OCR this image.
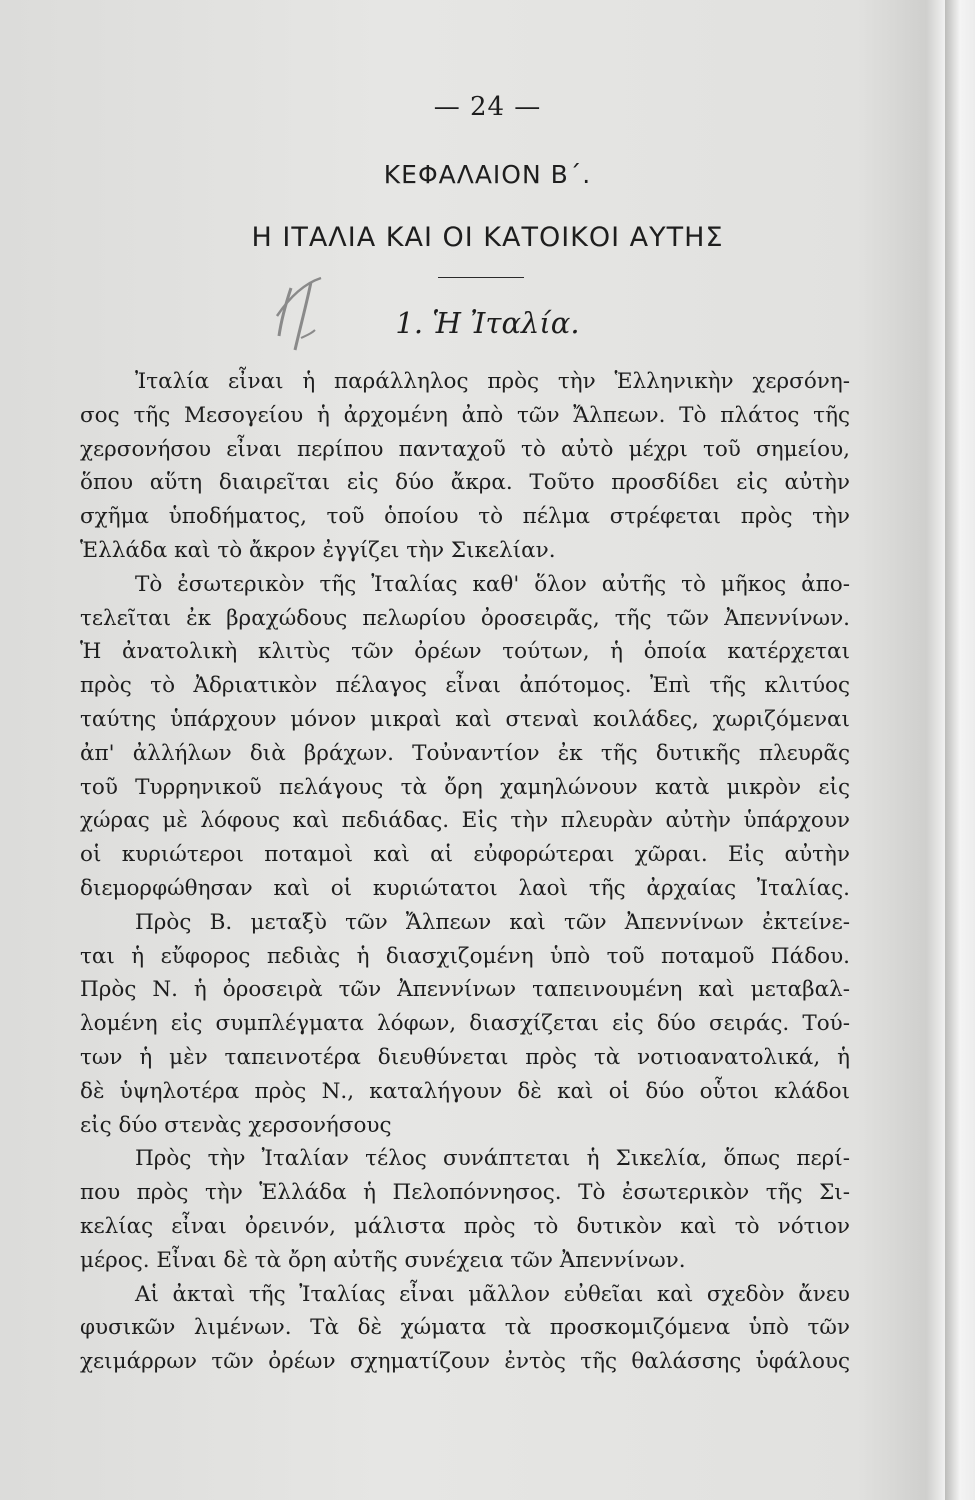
— 24 —
ΚΕΦΑΛΑΙΟΝ Β΄.
Η ΙΤΑΛΙΑ ΚΑΙ ΟΙ ΚΑΤΟΙΚΟΙ ΑΥΤΗΣ
1. Ἡ Ἰταλία.
Ἰταλία εἶναι ἡ παράλληλος πρὸς τὴν Ἑλληνικὴν χερσόνη-
σος τῆς Μεσογείου ἡ ἀρχομένη ἀπὸ τῶν Ἄλπεων. Τὸ πλάτος τῆς
χερσονήσου εἶναι περίπου πανταχοῦ τὸ αὐτὸ μέχρι τοῦ σημείου,
ὅπου αὕτη διαιρεῖται εἰς δύο ἄκρα. Τοῦτο προσδίδει εἰς αὐτὴν
σχῆμα ὑποδήματος, τοῦ ὁποίου τὸ πέλμα στρέφεται πρὸς τὴν
Ἑλλάδα καὶ τὸ ἄκρον ἐγγίζει τὴν Σικελίαν.
Τὸ ἐσωτερικὸν τῆς Ἰταλίας καθ' ὅλον αὐτῆς τὸ μῆκος ἀπο-
τελεῖται ἐκ βραχώδους πελωρίου ὀροσειρᾶς, τῆς τῶν Ἀπεννίνων.
Ἡ ἀνατολικὴ κλιτὺς τῶν ὀρέων τούτων, ἡ ὁποία κατέρχεται
πρὸς τὸ Ἀδριατικὸν πέλαγος εἶναι ἀπότομος. Ἐπὶ τῆς κλιτύος
ταύτης ὑπάρχουν μόνον μικραὶ καὶ στεναὶ κοιλάδες, χωριζόμεναι
ἀπ' ἀλλήλων διὰ βράχων. Τοὐναντίον ἐκ τῆς δυτικῆς πλευρᾶς
τοῦ Τυρρηνικοῦ πελάγους τὰ ὄρη χαμηλώνουν κατὰ μικρὸν εἰς
χώρας μὲ λόφους καὶ πεδιάδας. Εἰς τὴν πλευρὰν αὐτὴν ὑπάρχουν
οἱ κυριώτεροι ποταμοὶ καὶ αἱ εὐφορώτεραι χῶραι. Εἰς αὐτὴν
διεμορφώθησαν καὶ οἱ κυριώτατοι λαοὶ τῆς ἀρχαίας Ἰταλίας.
Πρὸς Β. μεταξὺ τῶν Ἄλπεων καὶ τῶν Ἀπεννίνων ἐκτείνε-
ται ἡ εὔφορος πεδιὰς ἡ διασχιζομένη ὑπὸ τοῦ ποταμοῦ Πάδου.
Πρὸς Ν. ἡ ὀροσειρὰ τῶν Ἀπεννίνων ταπεινουμένη καὶ μεταβαλ-
λομένη εἰς συμπλέγματα λόφων, διασχίζεται εἰς δύο σειράς. Τού-
των ἡ μὲν ταπεινοτέρα διευθύνεται πρὸς τὰ νοτιοανατολικά, ἡ
δὲ ὑψηλοτέρα πρὸς Ν., καταλήγουν δὲ καὶ οἱ δύο οὗτοι κλάδοι
εἰς δύο στενὰς χερσονήσους
Πρὸς τὴν Ἰταλίαν τέλος συνάπτεται ἡ Σικελία, ὅπως περί-
που πρὸς τὴν Ἑλλάδα ἡ Πελοπόννησος. Τὸ ἐσωτερικὸν τῆς Σι-
κελίας εἶναι ὀρεινόν, μάλιστα πρὸς τὸ δυτικὸν καὶ τὸ νότιον
μέρος. Εἶναι δὲ τὰ ὄρη αὐτῆς συνέχεια τῶν Ἀπεννίνων.
Αἱ ἀκταὶ τῆς Ἰταλίας εἶναι μᾶλλον εὐθεῖαι καὶ σχεδὸν ἄνευ
φυσικῶν λιμένων. Τὰ δὲ χώματα τὰ προσκομιζόμενα ὑπὸ τῶν
χειμάρρων τῶν ὀρέων σχηματίζουν ἐντὸς τῆς θαλάσσης ὑφάλους
